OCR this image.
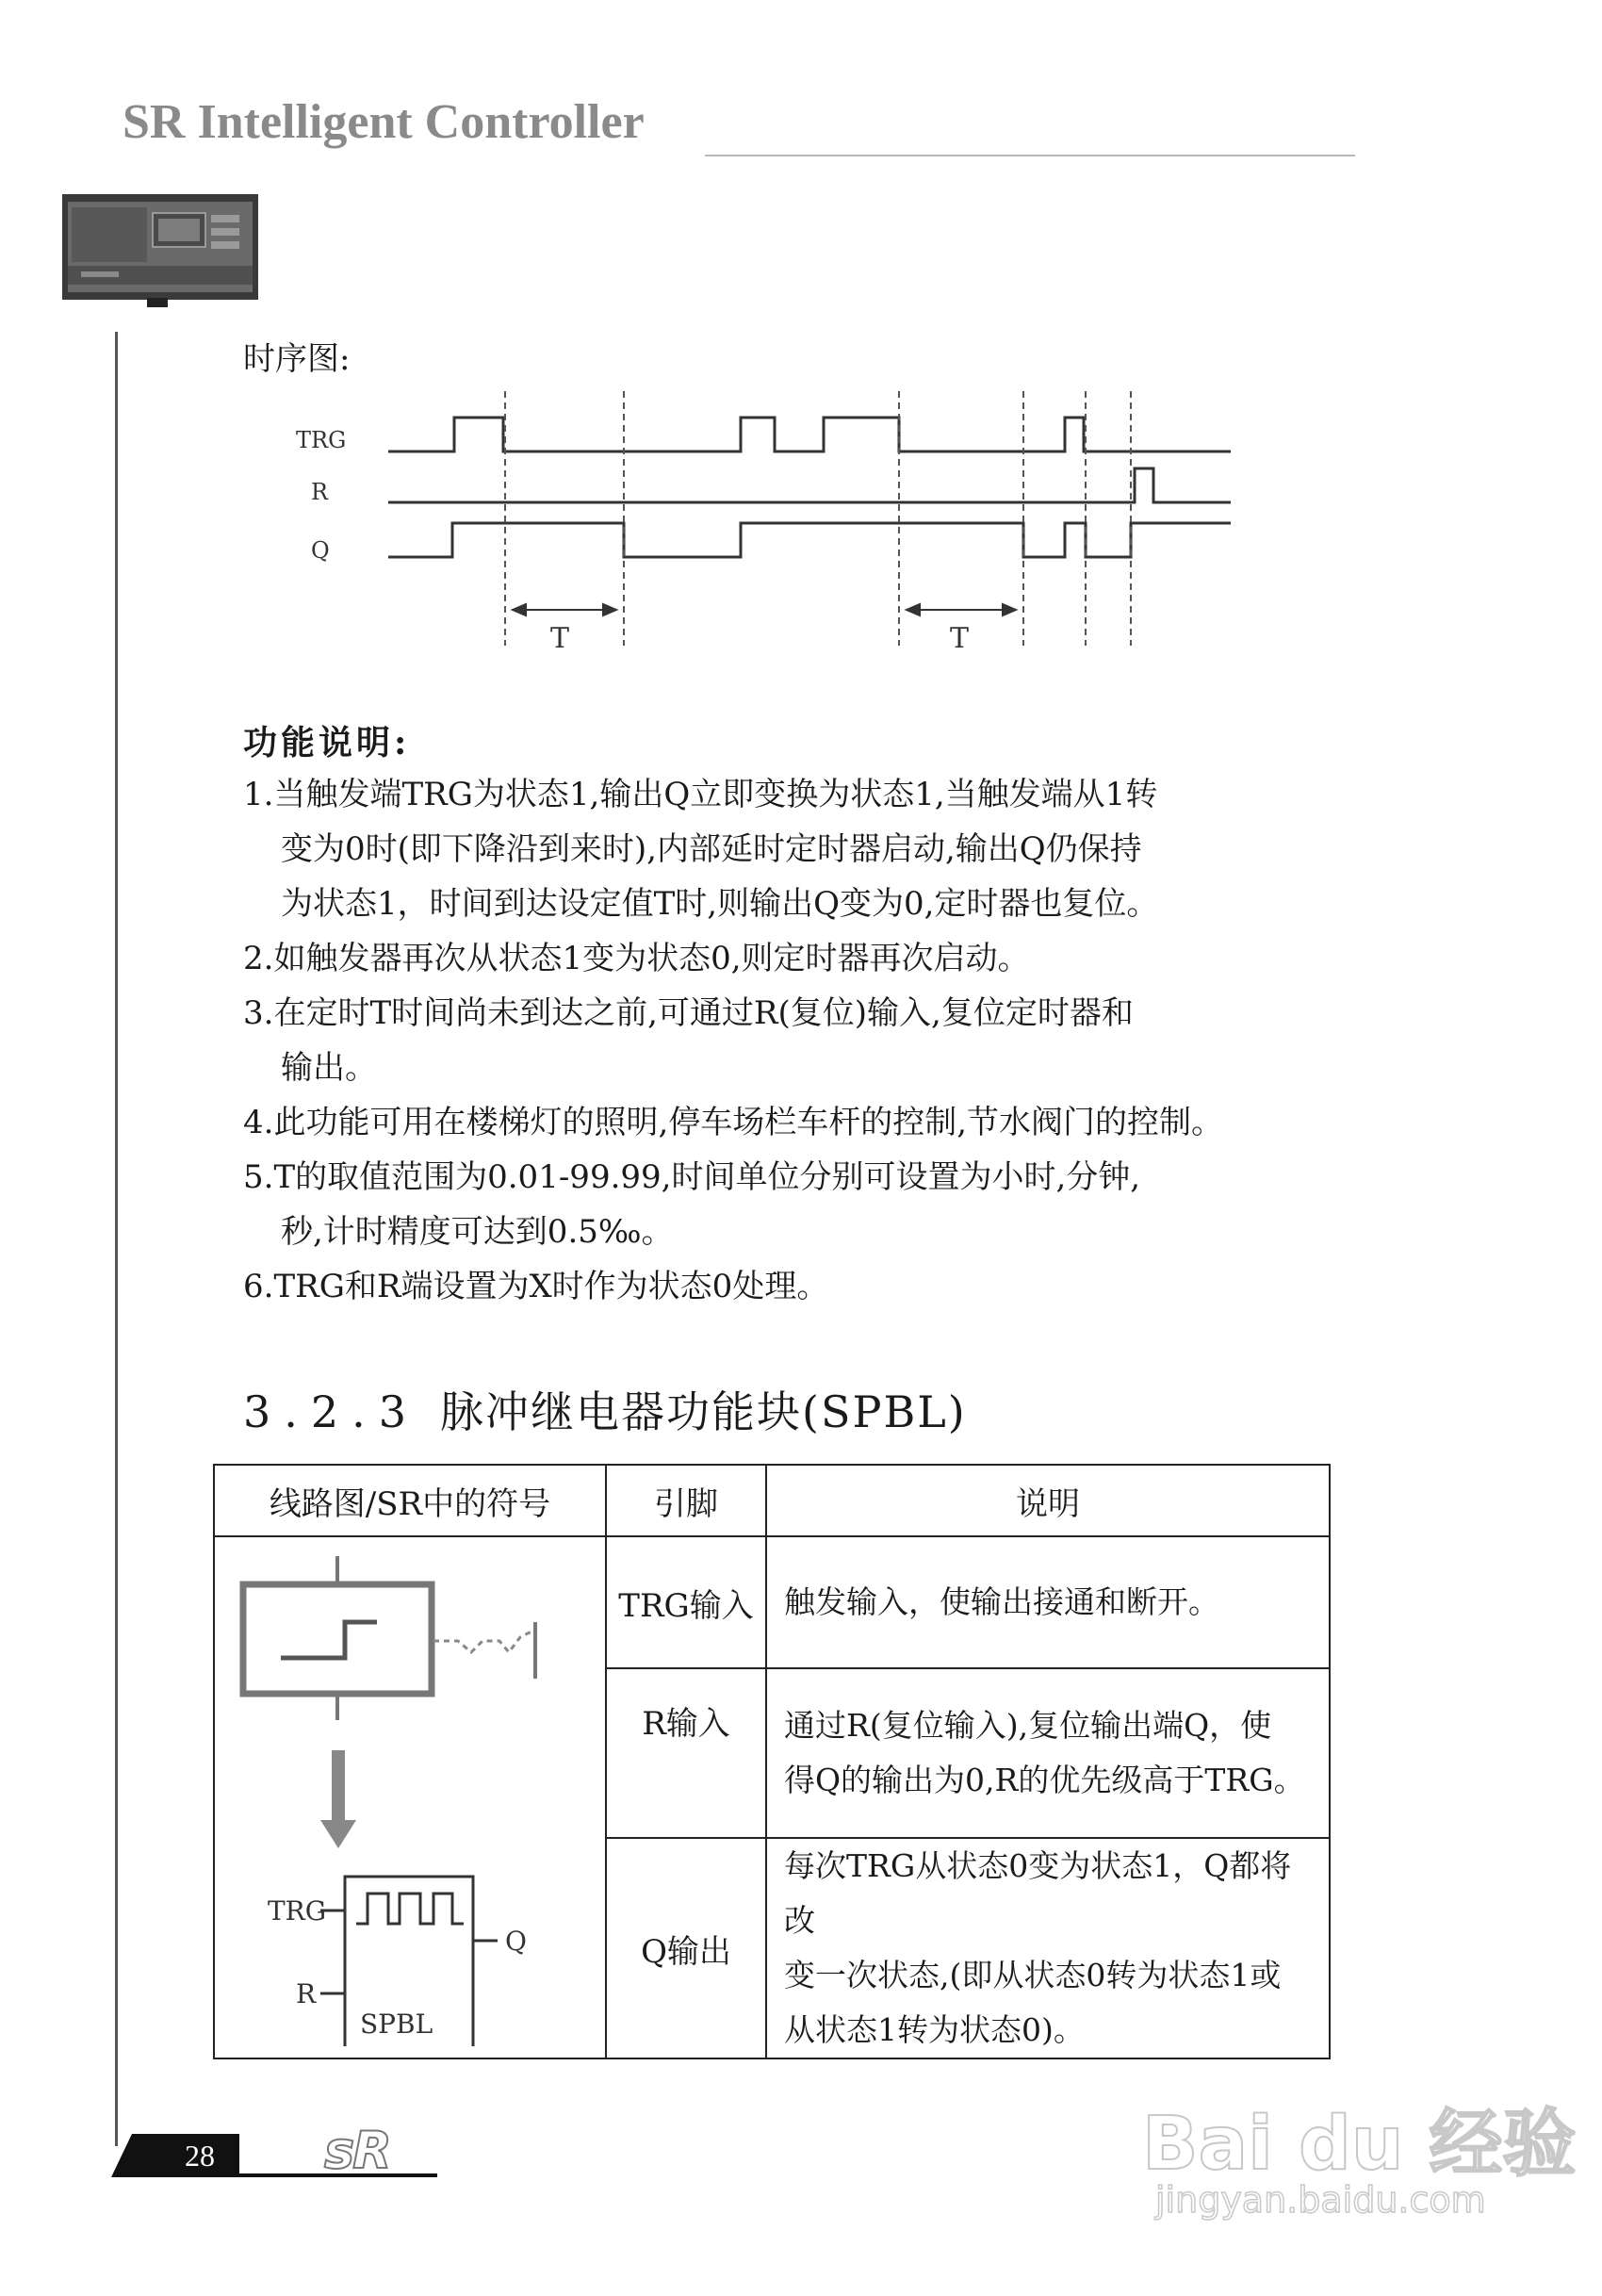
SR Intelligent Controller
时序图:
TRG
R
Q
T	T
功能说明:
1.当触发端TRG为状态1,输出Q立即变换为状态1,当触发端从1转
变为0时(即下降沿到来时),内部延时定时器启动,输出Q仍保持
为状态1，时间到达设定值T时,则输出Q变为0,定时器也复位。
2.如触发器再次从状态1变为状态0,则定时器再次启动。
3.在定时T时间尚未到达之前,可通过R(复位)输入,复位定时器和
输出。
4.此功能可用在楼梯灯的照明,停车场栏车杆的控制,节水阀门的控制。
5.T的取值范围为0.01-99.99,时间单位分别可设置为小时,分钟,
秒,计时精度可达到0.5‰。
6.TRG和R端设置为X时作为状态0处理。
3.2.3 脉冲继电器功能块(SPBL)
线路图/SR中的符号	引脚	说明

TRG
R
Q
SPBL	TRG输入	触发输入，使输出接通和断开。

	R输入	通过R(复位输入),复位输出端Q，使
得Q的输出为0,R的优先级高于TRG。

	Q输出	每次TRG从状态0变为状态1，Q都将改
变一次状态,(即从状态0转为状态1或
从状态1转为状态0)。
28 sR	Bai du 经验
jingyan.baidu.com
